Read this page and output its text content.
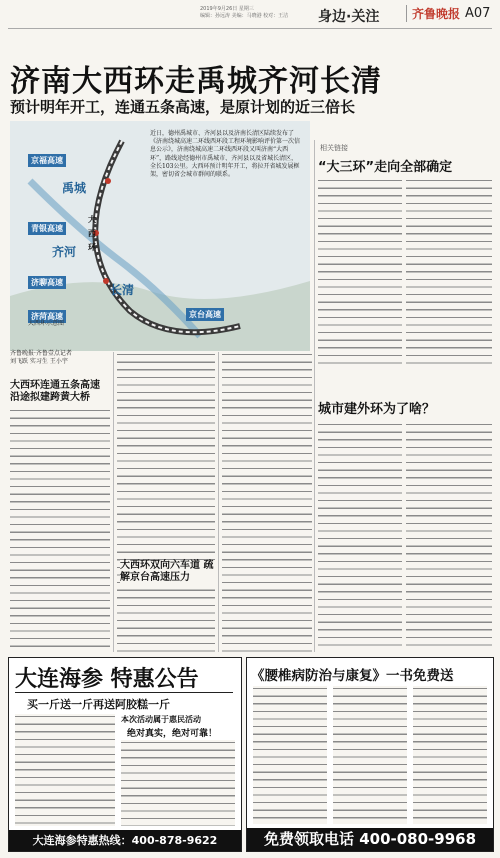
2019年9月26日 星期三
编辑：孙远涛 美编：马晓港 校对：王洁	身边·关注	齐鲁晚报 A07
济南大西环走禹城齐河长清
预计明年开工，连通五条高速，是原计划的近三倍长
京福高速
青银高速
济聊高速
济菏高速	京台高速
禹城
齐河
长清
大西环
近日，德州禹城市、齐河县以及济南长清区陆续发布了《济南绕城高速二环线西环段工程环境影响评价第一次信息公示》，济南绕城高速二环线西环段又叫济南“大西环”，路线途经德州市禹城市、齐河县以及省城长清区，全长103公里。大西环预计明年开工，将拉开省城发展框架，密切省会城市群间的联系。
大西环示意图
齐鲁晚报·齐鲁壹点记者
刘飞跃 实习生 王小宇
大西环连通五条高速 沿途拟建跨黄大桥
大西环双向六车道 疏解京台高速压力
相关链接
“大三环”走向全部确定
城市建外环为了啥？
大连海参 特惠公告
买一斤送一斤再送阿胶糕一斤
本次活动属于惠民活动
绝对真实，绝对可靠！
大连海参特惠热线：400-878-9622
《腰椎病防治与康复》一书免费送
免费领取电话 400-080-9968
